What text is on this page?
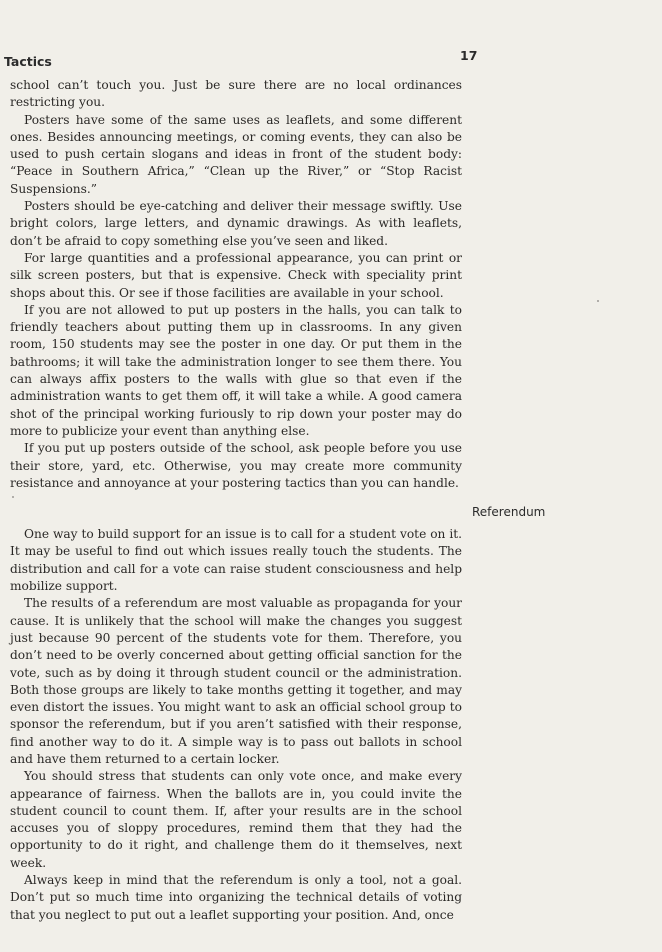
Tactics	17

school can’t touch you. Just be sure there are no local ordinances restricting you.

Posters have some of the same uses as leaflets, and some different ones. Besides announcing meetings, or coming events, they can also be used to push certain slogans and ideas in front of the student body: “Peace in Southern Africa,” “Clean up the River,” or “Stop Racist Suspensions.”

Posters should be eye-catching and deliver their message swiftly. Use bright colors, large letters, and dynamic drawings. As with leaflets, don’t be afraid to copy something else you’ve seen and liked.

For large quantities and a professional appearance, you can print or silk screen posters, but that is expensive. Check with speciality print shops about this. Or see if those facilities are available in your school.

If you are not allowed to put up posters in the halls, you can talk to friendly teachers about putting them up in classrooms. In any given room, 150 students may see the poster in one day. Or put them in the bathrooms; it will take the administration longer to see them there. You can always affix posters to the walls with glue so that even if the administration wants to get them off, it will take a while. A good camera shot of the principal working furiously to rip down your poster may do more to publicize your event than anything else.

If you put up posters outside of the school, ask people before you use their store, yard, etc. Otherwise, you may create more community resistance and annoyance at your postering tactics than you can handle.

One way to build support for an issue is to call for a student vote on it. It may be useful to find out which issues really touch the students. The distribution and call for a vote can raise student consciousness and help mobilize support.

The results of a referendum are most valuable as propaganda for your cause. It is unlikely that the school will make the changes you suggest just because 90 percent of the students vote for them. Therefore, you don’t need to be overly concerned about getting official sanction for the vote, such as by doing it through student council or the administration. Both those groups are likely to take months getting it together, and may even distort the issues. You might want to ask an official school group to sponsor the referendum, but if you aren’t satisfied with their response, find another way to do it. A simple way is to pass out ballots in school and have them returned to a certain locker.

You should stress that students can only vote once, and make every appearance of fairness. When the ballots are in, you could invite the student council to count them. If, after your results are in the school accuses you of sloppy procedures, remind them that they had the opportunity to do it right, and challenge them do it themselves, next week.

Always keep in mind that the referendum is only a tool, not a goal. Don’t put so much time into organizing the technical details of voting that you neglect to put out a leaflet supporting your position. And, once

Referendum
